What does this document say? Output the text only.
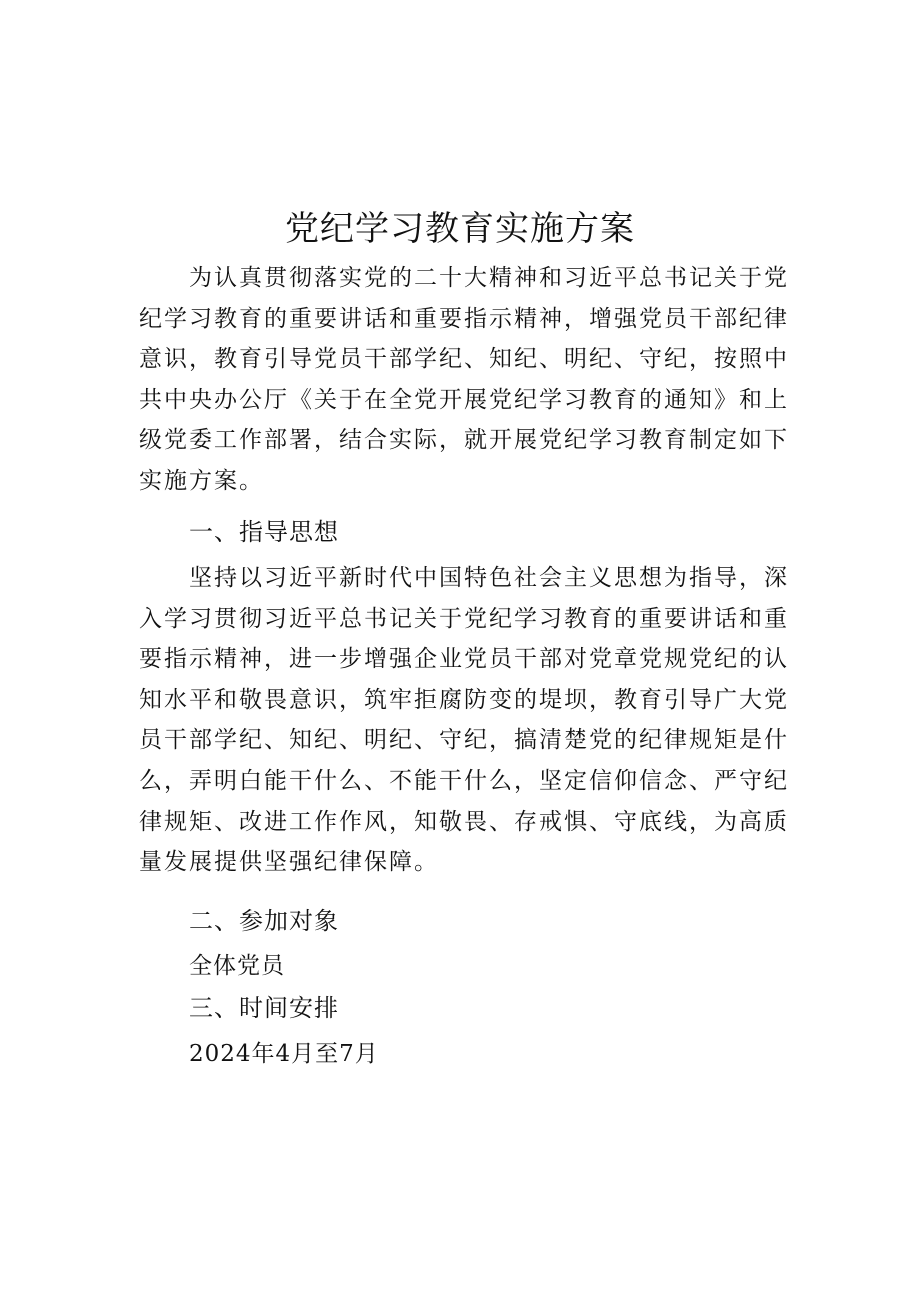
党纪学习教育实施方案

为认真贯彻落实党的二十大精神和习近平总书记关于党纪学习教育的重要讲话和重要指示精神，增强党员干部纪律意识，教育引导党员干部学纪、知纪、明纪、守纪，按照中共中央办公厅《关于在全党开展党纪学习教育的通知》和上级党委工作部署，结合实际，就开展党纪学习教育制定如下实施方案。

一、指导思想

坚持以习近平新时代中国特色社会主义思想为指导，深入学习贯彻习近平总书记关于党纪学习教育的重要讲话和重要指示精神，进一步增强企业党员干部对党章党规党纪的认知水平和敬畏意识，筑牢拒腐防变的堤坝，教育引导广大党员干部学纪、知纪、明纪、守纪，搞清楚党的纪律规矩是什么，弄明白能干什么、不能干什么，坚定信仰信念、严守纪律规矩、改进工作作风，知敬畏、存戒惧、守底线，为高质量发展提供坚强纪律保障。

二、参加对象

全体党员

三、时间安排

2024年4月至7月
